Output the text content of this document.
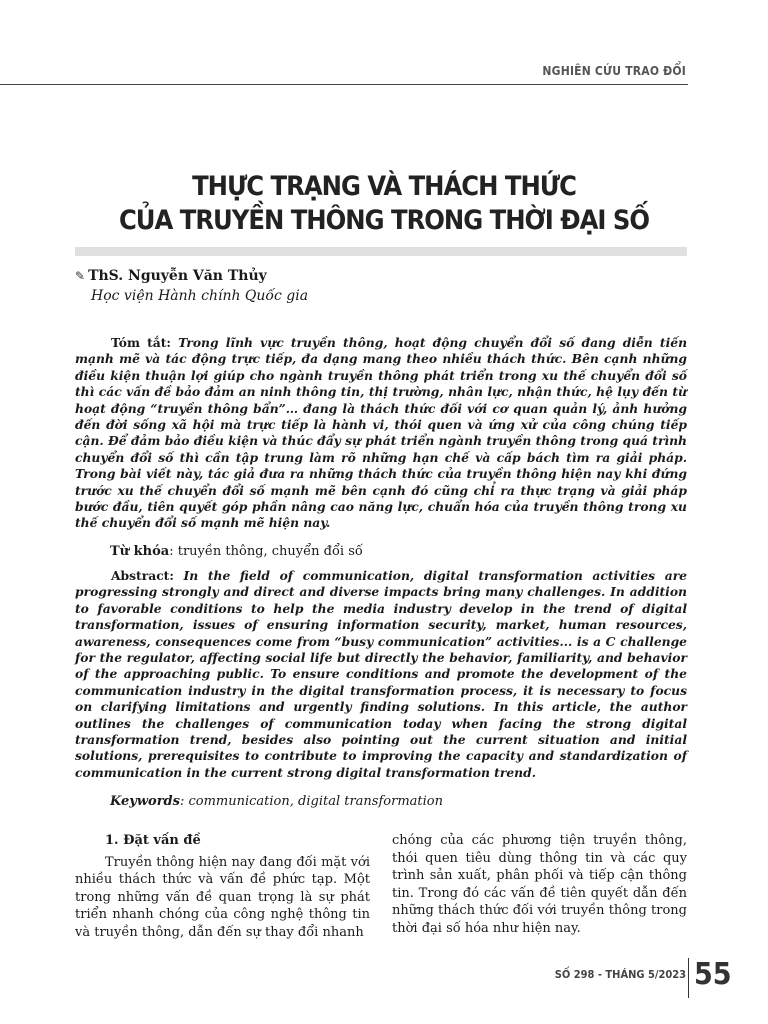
NGHIÊN CỨU TRAO ĐỔI
THỰC TRẠNG VÀ THÁCH THỨC
CỦA TRUYỀN THÔNG TRONG THỜI ĐẠI SỐ
✎ ThS. Nguyễn Văn Thủy
Học viện Hành chính Quốc gia
Tóm tắt: Trong lĩnh vực truyền thông, hoạt động chuyển đổi số đang diễn tiến mạnh mẽ và tác động trực tiếp, đa dạng mang theo nhiều thách thức. Bên cạnh những điều kiện thuận lợi giúp cho ngành truyền thông phát triển trong xu thế chuyển đổi số thì các vấn đề bảo đảm an ninh thông tin, thị trường, nhân lực, nhận thức, hệ lụy đến từ hoạt động “truyền thông bẩn”… đang là thách thức đối với cơ quan quản lý, ảnh hưởng đến đời sống xã hội mà trực tiếp là hành vi, thói quen và ứng xử của công chúng tiếp cận. Để đảm bảo điều kiện và thúc đẩy sự phát triển ngành truyền thông trong quá trình chuyển đổi số thì cần tập trung làm rõ những hạn chế và cấp bách tìm ra giải pháp. Trong bài viết này, tác giả đưa ra những thách thức của truyền thông hiện nay khi đứng trước xu thế chuyển đổi số mạnh mẽ bên cạnh đó cũng chỉ ra thực trạng và giải pháp bước đầu, tiên quyết góp phần nâng cao năng lực, chuẩn hóa của truyền thông trong xu thế chuyển đổi số mạnh mẽ hiện nay.
Từ khóa: truyền thông, chuyển đổi số
Abstract: In the field of communication, digital transformation activities are progressing strongly and direct and diverse impacts bring many challenges. In addition to favorable conditions to help the media industry develop in the trend of digital transformation, issues of ensuring information security, market, human resources, awareness, consequences come from “busy communication” activities... is a C challenge for the regulator, affecting social life but directly the behavior, familiarity, and behavior of the approaching public. To ensure conditions and promote the development of the communication industry in the digital transformation process, it is necessary to focus on clarifying limitations and urgently finding solutions. In this article, the author outlines the challenges of communication today when facing the strong digital transformation trend, besides also pointing out the current situation and initial solutions, prerequisites to contribute to improving the capacity and standardization of communication in the current strong digital transformation trend.
Keywords: communication, digital transformation
1. Đặt vấn đề

Truyền thông hiện nay đang đối mặt với nhiều thách thức và vấn đề phức tạp. Một trong những vấn đề quan trọng là sự phát triển nhanh chóng của công nghệ thông tin và truyền thông, dẫn đến sự thay đổi nhanh

chóng của các phương tiện truyền thông, thói quen tiêu dùng thông tin và các quy trình sản xuất, phân phối và tiếp cận thông tin. Trong đó các vấn đề tiên quyết dẫn đến những thách thức đối với truyền thông trong thời đại số hóa như hiện nay.

SỐ 298 - THÁNG 5/2023 55
